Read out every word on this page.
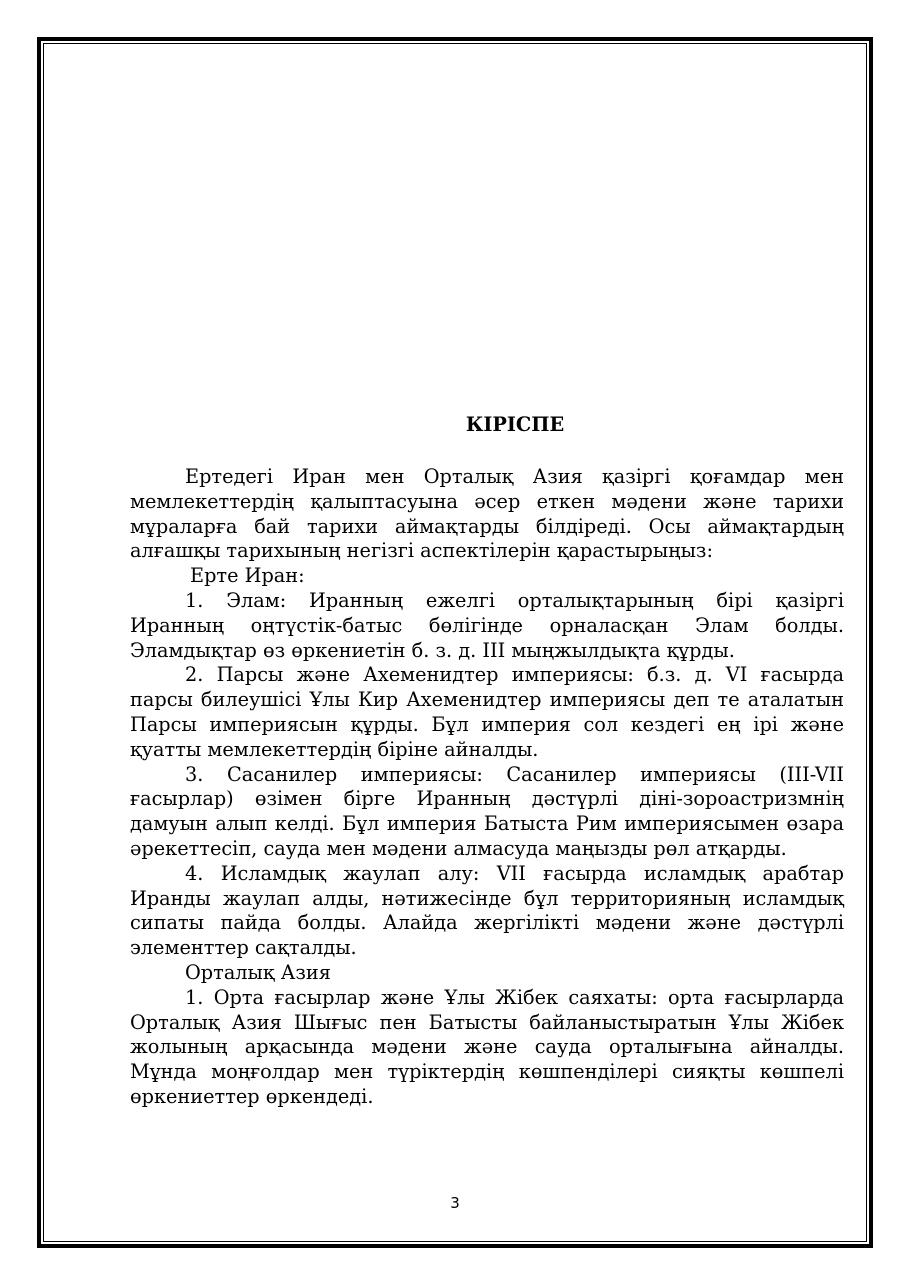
КІРІСПЕ

Ертедегі Иран мен Орталық Азия қазіргі қоғамдар мен мемлекеттердің қалыптасуына әсер еткен мәдени және тарихи мұраларға бай тарихи аймақтарды білдіреді. Осы аймақтардың алғашқы тарихының негізгі аспектілерін қарастырыңыз:

Ерте Иран:

1. Элам: Иранның ежелгі орталықтарының бірі қазіргі Иранның оңтүстік-батыс бөлігінде орналасқан Элам болды. Эламдықтар өз өркениетін б. з. д. III мыңжылдықта құрды.

2. Парсы және Ахеменидтер империясы: б.з. д. VI ғасырда парсы билеушісі Ұлы Кир Ахеменидтер империясы деп те аталатын Парсы империясын құрды. Бұл империя сол кездегі ең ірі және қуатты мемлекеттердің біріне айналды.

3. Сасанилер империясы: Сасанилер империясы (III-VII ғасырлар) өзімен бірге Иранның дәстүрлі діні-зороастризмнің дамуын алып келді. Бұл империя Батыста Рим империясымен өзара әрекеттесіп, сауда мен мәдени алмасуда маңызды рөл атқарды.

4. Исламдық жаулап алу: VII ғасырда исламдық арабтар Иранды жаулап алды, нәтижесінде бұл территорияның исламдық сипаты пайда болды. Алайда жергілікті мәдени және дәстүрлі элементтер сақталды.

Орталық Азия

1. Орта ғасырлар және Ұлы Жібек саяхаты: орта ғасырларда Орталық Азия Шығыс пен Батысты байланыстыратын Ұлы Жібек жолының арқасында мәдени және сауда орталығына айналды. Мұнда моңғолдар мен түріктердің көшпенділері сияқты көшпелі өркениеттер өркендеді.

3
